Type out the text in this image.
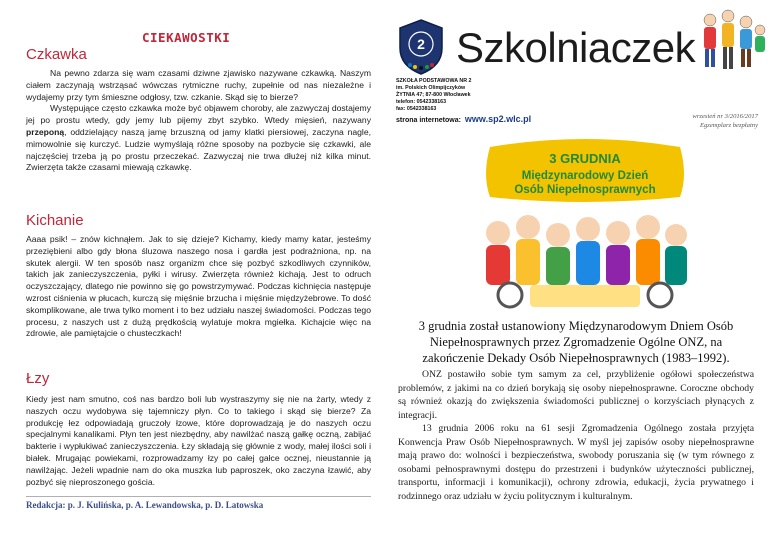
CIEKAWOSTKI
Czkawka

Na pewno zdarza się wam czasami dziwne zjawisko nazywane czkawką. Naszym ciałem zaczynają wstrząsać wówczas rytmiczne ruchy, zupełnie od nas niezależne i wydajemy przy tym śmieszne odgłosy, tzw. czkanie. Skąd się to bierze?

Występujące często czkawka może być objawem choroby, ale zazwyczaj dostajemy jej po prostu wtedy, gdy jemy lub pijemy zbyt szybko. Wtedy mięsień, nazywany przeponą, oddzielający naszą jamę brzuszną od jamy klatki piersiowej, zaczyna nagle, mimowolnie się kurczyć. Ludzie wymyślają różne sposoby na pozbycie się czkawki, ale najczęściej trzeba ją po prostu przeczekać. Zazwyczaj nie trwa dłużej niż kilka minut. Zwierzęta także czasami miewają czkawkę.

Kichanie

Aaaa psik! – znów kichnąłem. Jak to się dzieje? Kichamy, kiedy mamy katar, jesteśmy przeziębieni albo gdy błona śluzowa naszego nosa i gardła jest podrażniona, np. na skutek alergii. W ten sposób nasz organizm chce się pozbyć szkodliwych czynników, takich jak zanieczyszczenia, pyłki i wirusy. Zwierzęta również kichają. Jest to odruch oczyszczający, dlatego nie powinno się go powstrzymywać. Podczas kichnięcia następuje wzrost ciśnienia w płucach, kurczą się mięśnie brzucha i mięśnie międzyżebrowe. To dość skomplikowane, ale trwa tylko moment i to bez udziału naszej świadomości. Podczas tego procesu, z naszych ust z dużą prędkością wylatuje mokra mgiełka. Kichajcie więc na zdrowie, ale pamiętajcie o chusteczkach!

Łzy

Kiedy jest nam smutno, coś nas bardzo boli lub wystraszymy się nie na żarty, wtedy z naszych oczu wydobywa się tajemniczy płyn. Co to takiego i skąd się bierze? Za produkcję łez odpowiadają gruczoły łzowe, które doprowadzają je do naszych oczu specjalnymi kanalikami. Płyn ten jest niezbędny, aby nawilżać naszą gałkę oczną, zabijać bakterie i wypłukiwać zanieczyszczenia. Łzy składają się głównie z wody, małej ilości soli i białek. Mrugając powiekami, rozprowadzamy łzy po całej gałce ocznej, nieustannie ją nawilżając. Jeżeli wpadnie nam do oka muszka lub paproszek, oko zaczyna łzawić, aby pozbyć się nieproszonego gościa.

Redakcja: p. J. Kulińska, p. A. Lewandowska, p. D. Latowska
2 Szkolniaczek

SZKOŁA PODSTAWOWA NR 2

im. Polskich Olimpijczyków

ŻYTNIA 47; 87-800 Włocławek

telefon: 0542338163

fax: 0542338163

strona internetowa: www.sp2.wlc.pl	wrzesień nr 3/2016/2017

Egzemplarz bezpłatny

3 GRUDNIA
Międzynarodowy Dzień
Osób Niepełnosprawnych
3 grudnia został ustanowiony Międzynarodowym Dniem Osób Niepełnosprawnych przez Zgromadzenie Ogólne ONZ, na zakończenie Dekady Osób Niepełnosprawnych (1983–1992).

ONZ postawiło sobie tym samym za cel, przybliżenie ogółowi społeczeństwa problemów, z jakimi na co dzień borykają się osoby niepełnosprawne. Coroczne obchody są również okazją do zwiększenia świadomości publicznej o korzyściach płynących z integracji.

13 grudnia 2006 roku na 61 sesji Zgromadzenia Ogólnego została przyjęta Konwencja Praw Osób Niepełnosprawnych. W myśl jej zapisów osoby niepełnosprawne mają prawo do: wolności i bezpieczeństwa, swobody poruszania się (w tym równego z osobami pełnosprawnymi dostępu do przestrzeni i budynków użyteczności publicznej, transportu, informacji i komunikacji), ochrony zdrowia, edukacji, życia prywatnego i rodzinnego oraz udziału w życiu politycznym i kulturalnym.
